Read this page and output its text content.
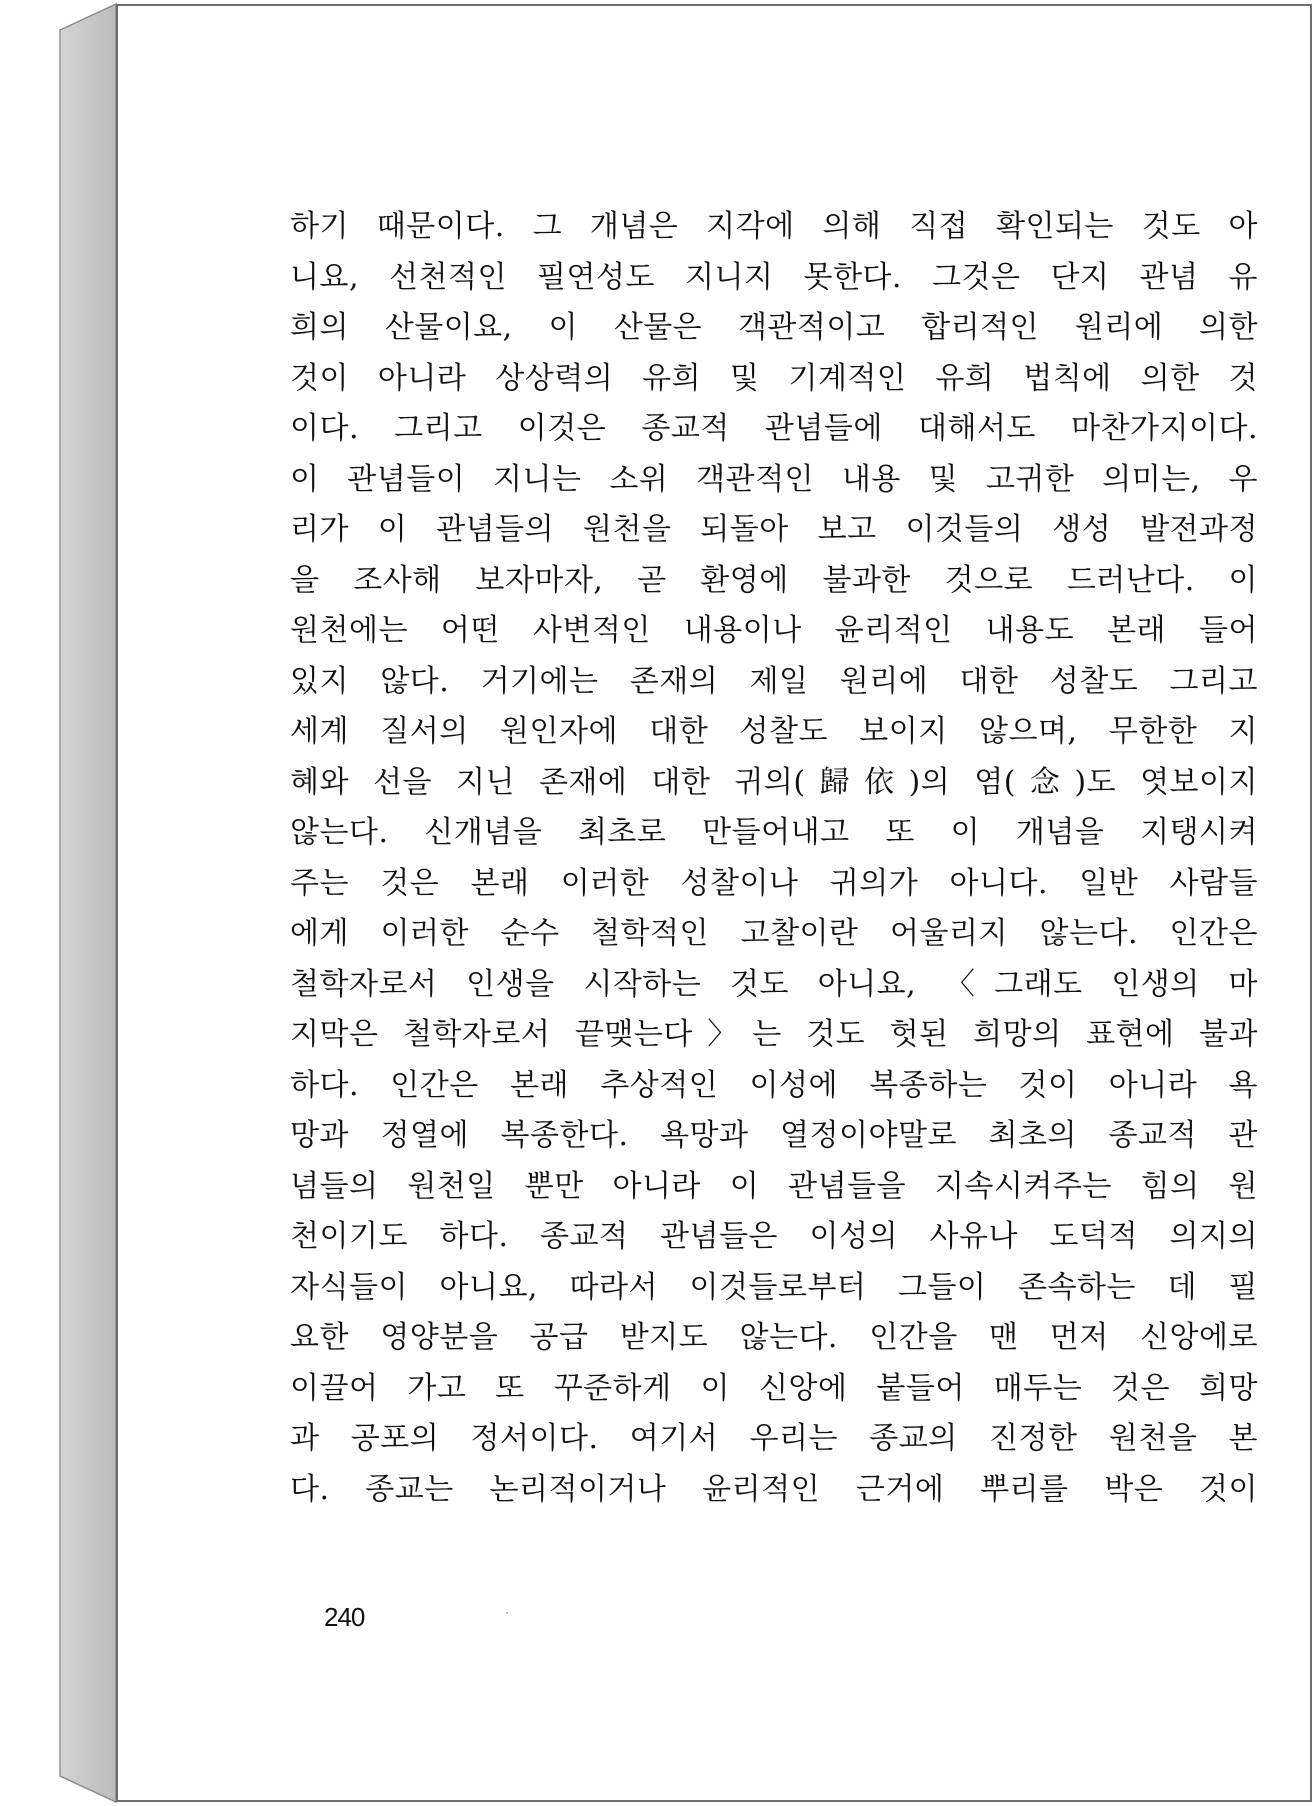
하기 때문이다. 그 개념은 지각에 의해 직접 확인되는 것도 아
니요, 선천적인 필연성도 지니지 못한다. 그것은 단지 관념 유
희의 산물이요, 이 산물은 객관적이고 합리적인 원리에 의한
것이 아니라 상상력의 유희 및 기계적인 유희 법칙에 의한 것
이다. 그리고 이것은 종교적 관념들에 대해서도 마찬가지이다.
이 관념들이 지니는 소위 객관적인 내용 및 고귀한 의미는, 우
리가 이 관념들의 원천을 되돌아 보고 이것들의 생성 발전과정
을 조사해 보자마자, 곧 환영에 불과한 것으로 드러난다. 이
원천에는 어떤 사변적인 내용이나 윤리적인 내용도 본래 들어
있지 않다. 거기에는 존재의 제일 원리에 대한 성찰도 그리고
세계 질서의 원인자에 대한 성찰도 보이지 않으며, 무한한 지
혜와 선을 지닌 존재에 대한 귀의(歸依)의 염(念)도 엿보이지
않는다. 신개념을 최초로 만들어내고 또 이 개념을 지탱시켜
주는 것은 본래 이러한 성찰이나 귀의가 아니다. 일반 사람들
에게 이러한 순수 철학적인 고찰이란 어울리지 않는다. 인간은
철학자로서 인생을 시작하는 것도 아니요, 〈그래도 인생의 마
지막은 철학자로서 끝맺는다〉는 것도 헛된 희망의 표현에 불과
하다. 인간은 본래 추상적인 이성에 복종하는 것이 아니라 욕
망과 정열에 복종한다. 욕망과 열정이야말로 최초의 종교적 관
념들의 원천일 뿐만 아니라 이 관념들을 지속시켜주는 힘의 원
천이기도 하다. 종교적 관념들은 이성의 사유나 도덕적 의지의
자식들이 아니요, 따라서 이것들로부터 그들이 존속하는 데 필
요한 영양분을 공급 받지도 않는다. 인간을 맨 먼저 신앙에로
이끌어 가고 또 꾸준하게 이 신앙에 붙들어 매두는 것은 희망
과 공포의 정서이다. 여기서 우리는 종교의 진정한 원천을 본
다. 종교는 논리적이거나 윤리적인 근거에 뿌리를 박은 것이
240
